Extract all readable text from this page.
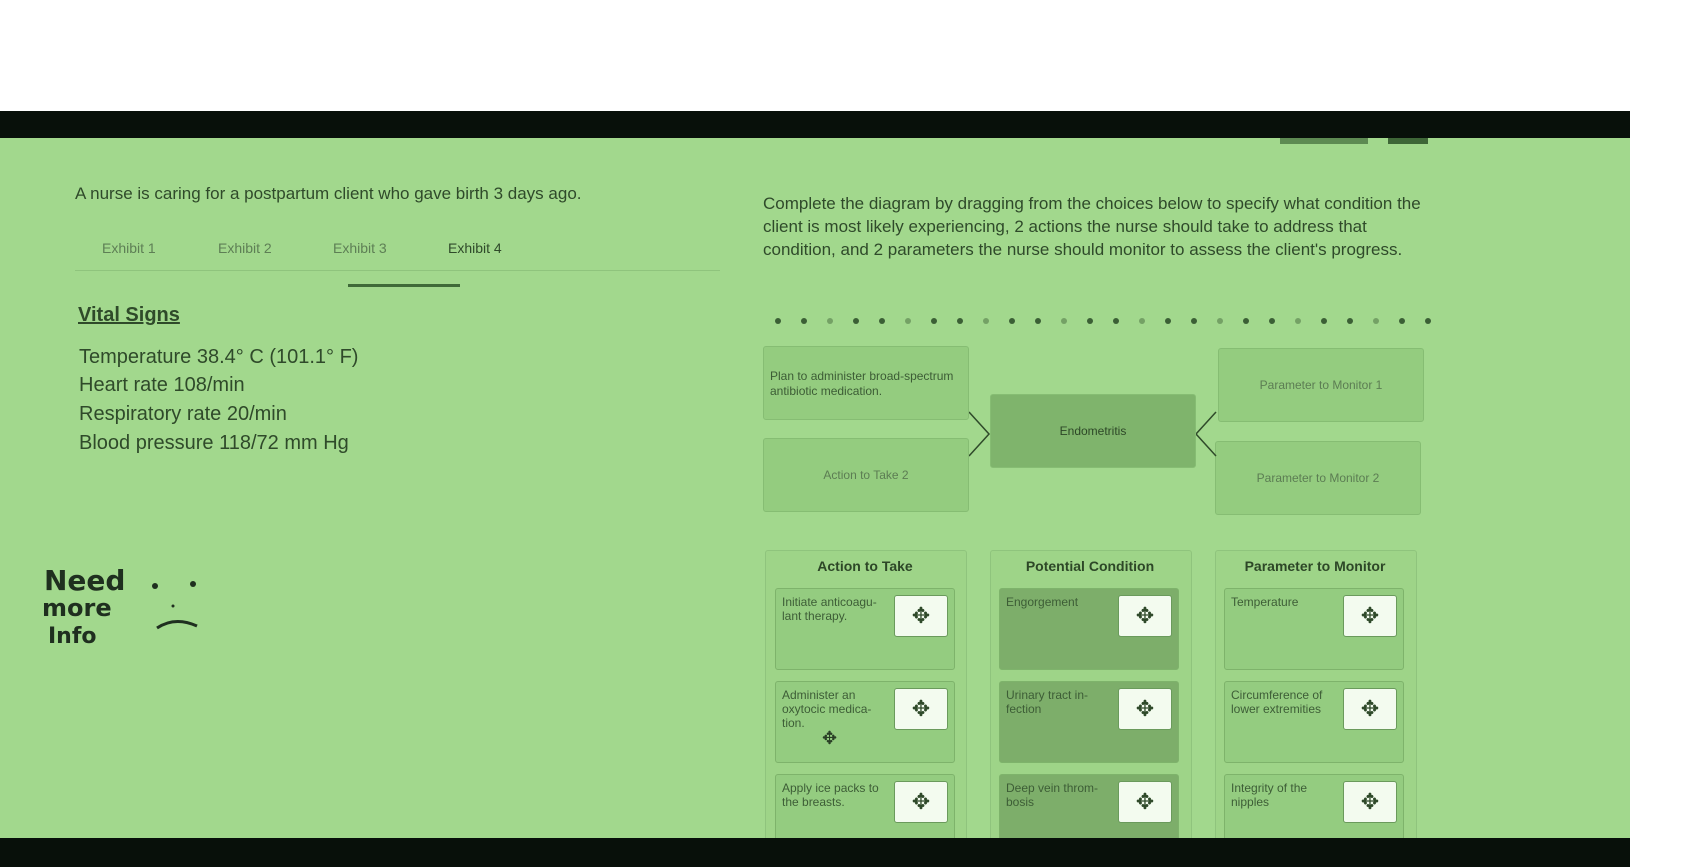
A nurse is caring for a postpartum client who gave birth 3 days ago.
Exhibit 1	Exhibit 2	Exhibit 3	Exhibit 4
Vital Signs
Temperature 38.4° C (101.1° F)
Heart rate 108/min
Respiratory rate 20/min
Blood pressure 118/72 mm Hg
Need
more
Info
Complete the diagram by dragging from the choices below to specify what condition the client is most likely experiencing, 2 actions the nurse should take to address that condition, and 2 parameters the nurse should monitor to assess the client's progress.
Plan to administer broad-spectrum antibiotic medication.
Action to Take 2
Endometritis
Parameter to Monitor 1
Parameter to Monitor 2
Action to Take	Potential Condition	Parameter to Monitor
Initiate anticoagu-lant therapy.	✥
Administer an oxytocic medica-tion.
✥
Apply ice packs to the breasts.	✥
Engorgement
✥
Urinary tract in-fection	✥
Deep vein throm-bosis	✥
Temperature
✥
Circumference of lower extremities	✥
Integrity of the nipples	✥
✥
